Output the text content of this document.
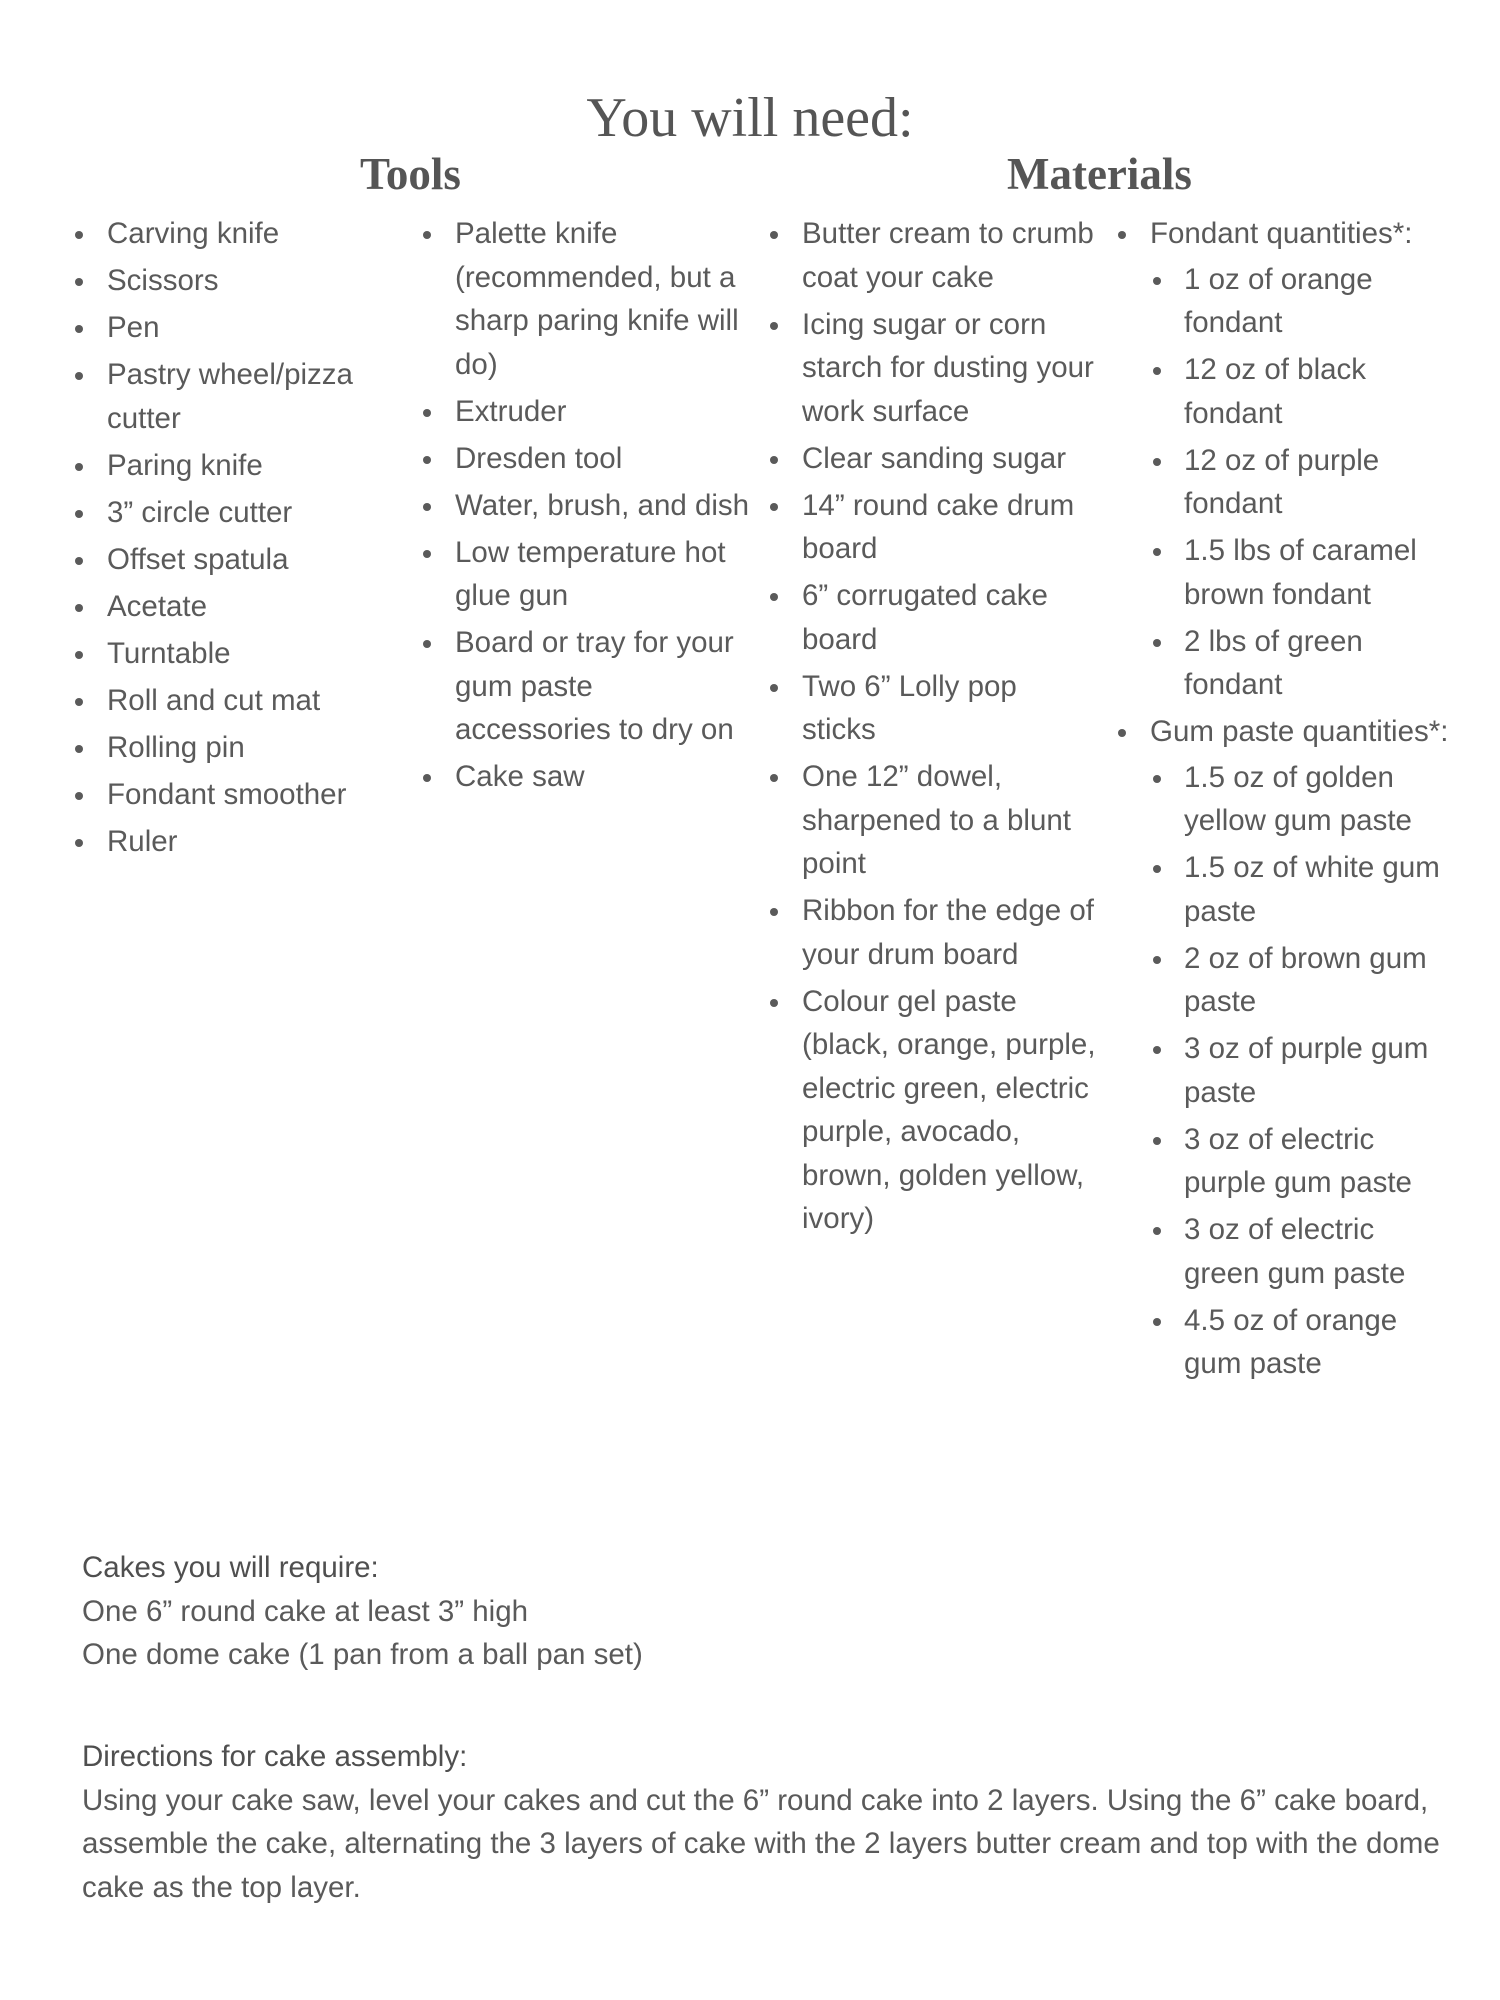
You will need:
Tools	Materials
Carving knife
Scissors
Pen
Pastry wheel/pizza cutter
Paring knife
3” circle cutter
Offset spatula
Acetate
Turntable
Roll and cut mat
Rolling pin
Fondant smoother
Ruler
Palette knife (recommended, but a sharp paring knife will do)
Extruder
Dresden tool
Water, brush, and dish
Low temperature hot glue gun
Board or tray for your gum paste accessories to dry on
Cake saw
Butter cream to crumb coat your cake
Icing sugar or corn starch for dusting your work surface
Clear sanding sugar
14” round cake drum board
6” corrugated cake board
Two 6” Lolly pop sticks
One 12” dowel, sharpened to a blunt point
Ribbon for the edge of your drum board
Colour gel paste (black, orange, purple, electric green, electric purple, avocado, brown, golden yellow, ivory)
Fondant quantities*:
1 oz of orange fondant
12 oz of black fondant
12 oz of purple fondant
1.5 lbs of caramel brown fondant
2 lbs of green fondant
Gum paste quantities*:
1.5 oz of golden yellow gum paste
1.5 oz of white gum paste
2 oz of brown gum paste
3 oz of purple gum paste
3 oz of electric purple gum paste
3 oz of electric green gum paste
4.5 oz of orange gum paste

Cakes you will require:

One 6” round cake at least 3” high

One dome cake (1 pan from a ball pan set)

Directions for cake assembly:

Using your cake saw, level your cakes and cut the 6” round cake into 2 layers. Using the 6” cake board, assemble the cake, alternating the 3 layers of cake with the 2 layers butter cream and top with the dome cake as the top layer.
